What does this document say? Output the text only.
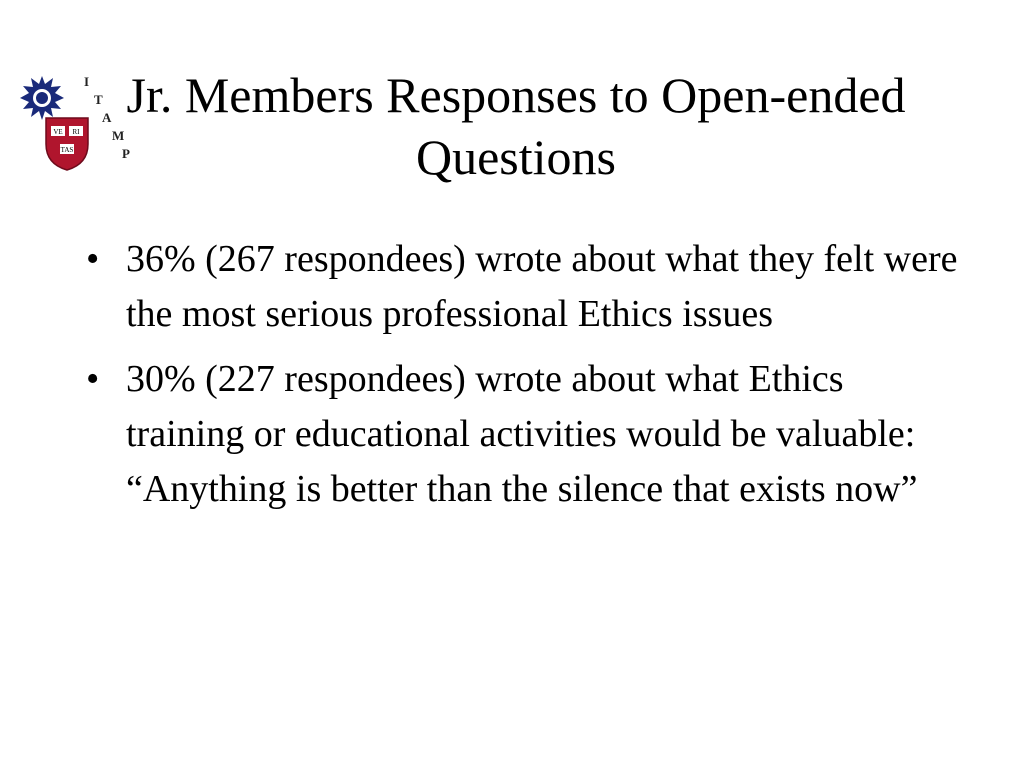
VE RI
TAS
I
T
A
M
P
Jr. Members Responses to Open-ended Questions
• 36% (267 respondees) wrote about what they felt were the most serious professional Ethics issues
• 30% (227 respondees) wrote about what Ethics training or educational activities would be valuable: “Anything is better than the silence that exists now”
